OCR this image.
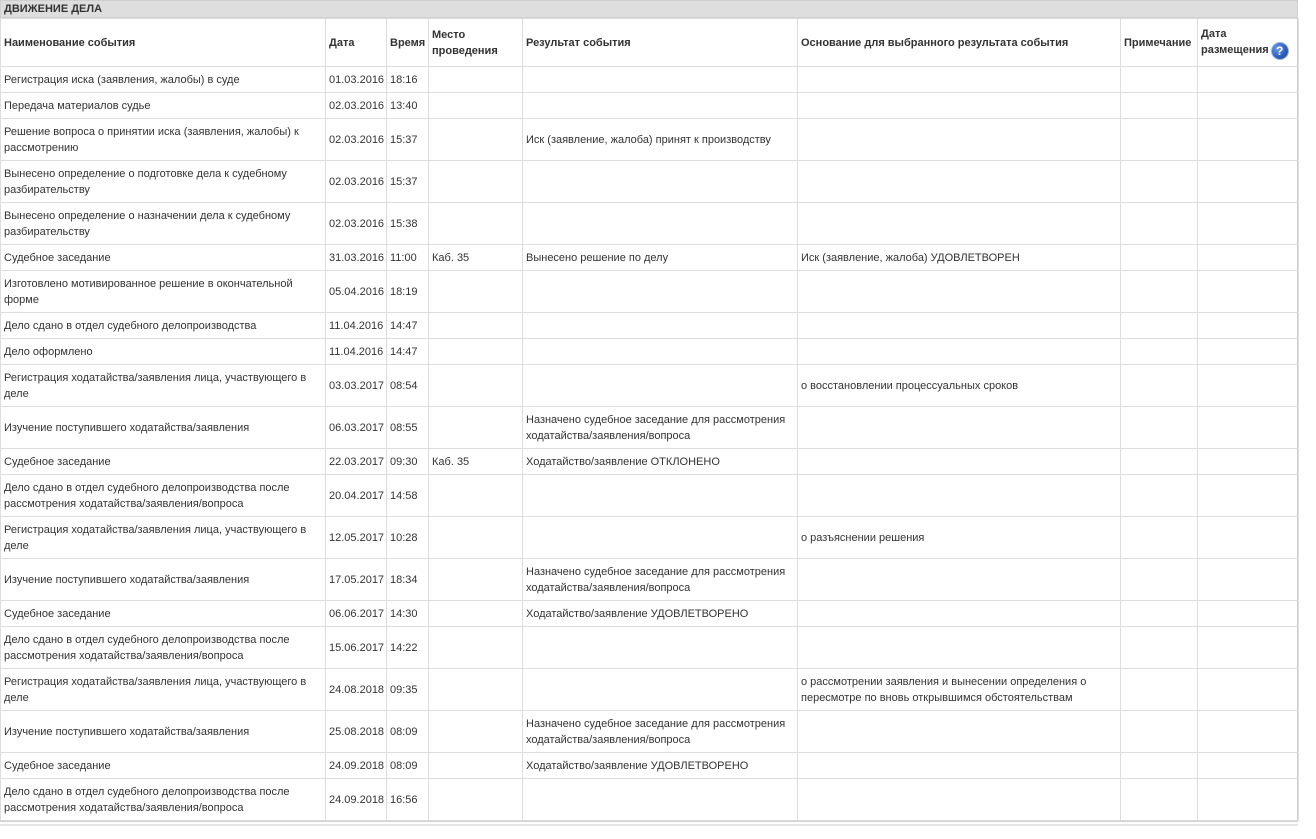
ДВИЖЕНИЕ ДЕЛА
Наименование события	Дата	Время	Место проведения	Результат события	Основание для выбранного результата события	Примечание	Дата размещения ?
Регистрация иска (заявления, жалобы) в суде	01.03.2016	18:16					
Передача материалов судье	02.03.2016	13:40					
Решение вопроса о принятии иска (заявления, жалобы) к рассмотрению	02.03.2016	15:37		Иск (заявление, жалоба) принят к производству			
Вынесено определение о подготовке дела к судебному разбирательству	02.03.2016	15:37					
Вынесено определение о назначении дела к судебному разбирательству	02.03.2016	15:38					
Судебное заседание	31.03.2016	11:00	Каб. 35	Вынесено решение по делу	Иск (заявление, жалоба) УДОВЛЕТВОРЕН		
Изготовлено мотивированное решение в окончательной форме	05.04.2016	18:19					
Дело сдано в отдел судебного делопроизводства	11.04.2016	14:47					
Дело оформлено	11.04.2016	14:47					
Регистрация ходатайства/заявления лица, участвующего в деле	03.03.2017	08:54			о восстановлении процессуальных сроков		
Изучение поступившего ходатайства/заявления	06.03.2017	08:55		Назначено судебное заседание для рассмотрения ходатайства/заявления/вопроса			
Судебное заседание	22.03.2017	09:30	Каб. 35	Ходатайство/заявление ОТКЛОНЕНО			
Дело сдано в отдел судебного делопроизводства после рассмотрения ходатайства/заявления/вопроса	20.04.2017	14:58					
Регистрация ходатайства/заявления лица, участвующего в деле	12.05.2017	10:28			о разъяснении решения		
Изучение поступившего ходатайства/заявления	17.05.2017	18:34		Назначено судебное заседание для рассмотрения ходатайства/заявления/вопроса			
Судебное заседание	06.06.2017	14:30		Ходатайство/заявление УДОВЛЕТВОРЕНО			
Дело сдано в отдел судебного делопроизводства после рассмотрения ходатайства/заявления/вопроса	15.06.2017	14:22					
Регистрация ходатайства/заявления лица, участвующего в деле	24.08.2018	09:35			о рассмотрении заявления и вынесении определения о пересмотре по вновь открывшимся обстоятельствам		
Изучение поступившего ходатайства/заявления	25.08.2018	08:09		Назначено судебное заседание для рассмотрения ходатайства/заявления/вопроса			
Судебное заседание	24.09.2018	08:09		Ходатайство/заявление УДОВЛЕТВОРЕНО			
Дело сдано в отдел судебного делопроизводства после рассмотрения ходатайства/заявления/вопроса	24.09.2018	16:56					
